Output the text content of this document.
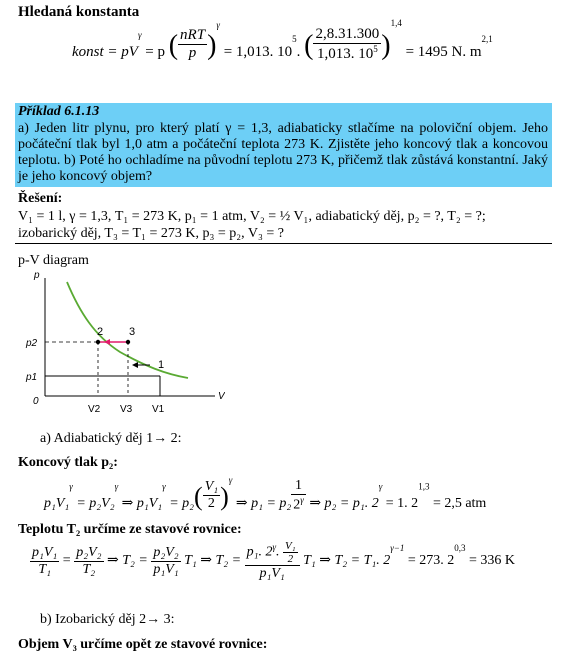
Hledaná konstanta
konst = $pV^\gamma = p$ ( $\frac{\text{nRT}}{p} )^\gamma = 1,013$. $10^5$. ( $\frac{2,8.31.300}{1,013. 10^5} )^{1,4} = 1495$ N. $m^{2,1}$
Příklad 6.1.13
a) Jeden litr plynu, pro který platí γ = 1,3, adiabaticky stlačíme na poloviční objem. Jeho počáteční tlak byl 1,0 atm a počáteční teplota 273 K. Zjistěte jeho koncový tlak a koncovou teplotu. b) Poté ho ochladíme na původní teplotu 273 K, přičemž tlak zůstává konstantní. Jaký je jeho koncový objem?
Řešení:
V₁ = 1 l, γ = 1,3, T₁ = 273 K, p₁ = 1 atm, V₂ = ½ V₁, adiabatický děj, p₂ = ?, T₂ = ?;
izobarický děj, T₃ = T₁ = 273 K, p₃ = p₂, V₃ = ?
p-V diagram
p
V
0
p2
p1
V2 V3 V1
2 3
1
a) Adiabatický děj 1→ 2:
Koncový tlak p₂:
p₁V₁$^\gamma$ = p₂V₂$^\gamma$ ⇒ $p_1V_1^\gamma = p_2( \frac{\text{V₁}}{2} )^\gamma$ ⇒ $p_1 = p_2 \frac{1}{2^\gamma}$ ⇒ p₂ = p₁. $2^\gamma = 1$. $2^{1,3} = 2,5$ atm
Teplotu T₂ určíme ze stavové rovnice:
$\frac{\text{p₁V₁}}{\text{T₁}} = \frac{\text{p₂V₂}}{\text{T₂}}$ ⇒ $T_2 = \frac{\text{p₂V₂}}{\text{p₁V₁}} T_1$ ⇒ $T_2 = \frac{p_1. 2^\gamma. \frac{\text{V₁}}{2}}{\text{p₁V₁}} T_1$ ⇒ T₂ = T₁. $2^{\gamma-1} = 273$. $2^{0,3} = 336$ K
b) Izobarický děj 2→ 3:
Objem V₃ určíme opět ze stavové rovnice:
